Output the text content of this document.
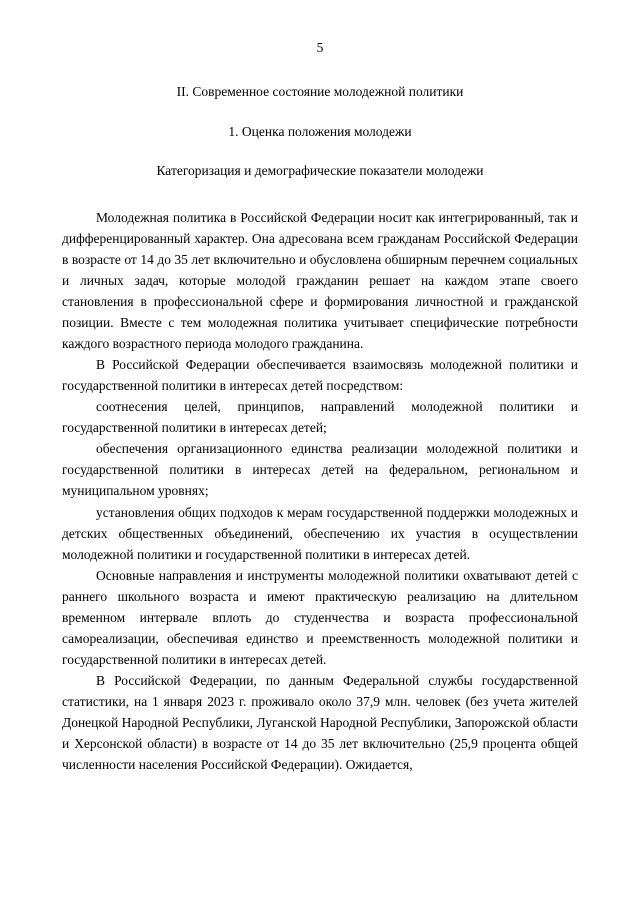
5
II. Современное состояние молодежной политики
1. Оценка положения молодежи
Категоризация и демографические показатели молодежи

Молодежная политика в Российской Федерации носит как интегрированный, так и дифференцированный характер. Она адресована всем гражданам Российской Федерации в возрасте от 14 до 35 лет включительно и обусловлена обширным перечнем социальных и личных задач, которые молодой гражданин решает на каждом этапе своего становления в профессиональной сфере и формирования личностной и гражданской позиции. Вместе с тем молодежная политика учитывает специфические потребности каждого возрастного периода молодого гражданина.

В Российской Федерации обеспечивается взаимосвязь молодежной политики и государственной политики в интересах детей посредством:

соотнесения целей, принципов, направлений молодежной политики и государственной политики в интересах детей;

обеспечения организационного единства реализации молодежной политики и государственной политики в интересах детей на федеральном, региональном и муниципальном уровнях;

установления общих подходов к мерам государственной поддержки молодежных и детских общественных объединений, обеспечению их участия в осуществлении молодежной политики и государственной политики в интересах детей.

Основные направления и инструменты молодежной политики охватывают детей с раннего школьного возраста и имеют практическую реализацию на длительном временном интервале вплоть до студенчества и возраста профессиональной самореализации, обеспечивая единство и преемственность молодежной политики и государственной политики в интересах детей.

В Российской Федерации, по данным Федеральной службы государственной статистики, на 1 января 2023 г. проживало около 37,9 млн. человек (без учета жителей Донецкой Народной Республики, Луганской Народной Республики, Запорожской области и Херсонской области) в возрасте от 14 до 35 лет включительно (25,9 процента общей численности населения Российской Федерации). Ожидается,
